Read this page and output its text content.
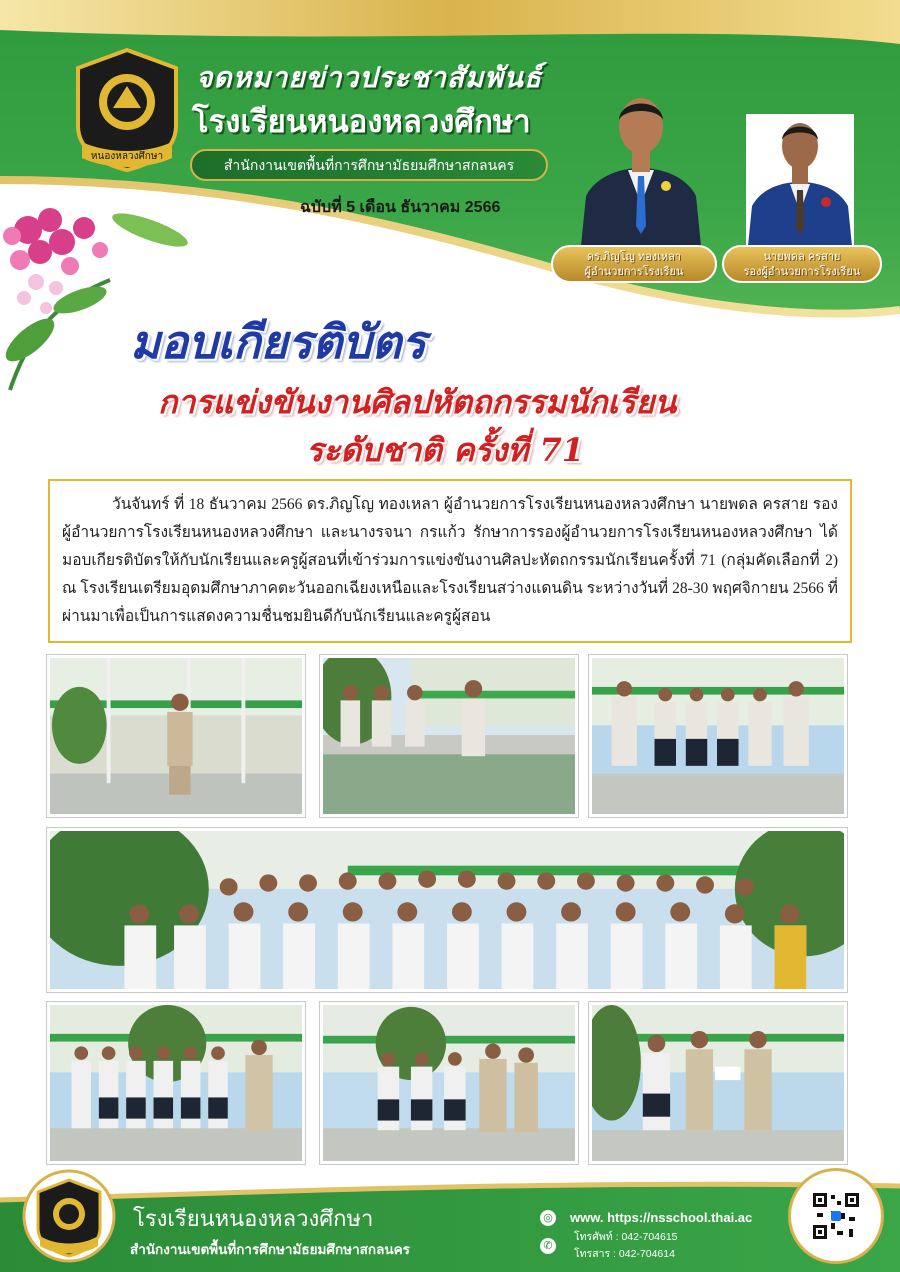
หนองหลวงศึกษา
จดหมายข่าวประชาสัมพันธ์
โรงเรียนหนองหลวงศึกษา
สำนักงานเขตพื้นที่การศึกษามัธยมศึกษาสกลนคร
ฉบับที่ 5 เดือน ธันวาคม 2566
ดร.ภิญโญ ทองเหลา
ผู้อำนวยการโรงเรียน
นายพดล ครสาย
รองผู้อำนวยการโรงเรียน
มอบเกียรติบัตร
การแข่งขันงานศิลปหัตถกรรมนักเรียน
ระดับชาติ ครั้งที่ 71
วันจันทร์ ที่ 18 ธันวาคม 2566 ดร.ภิญโญ ทองเหลา ผู้อำนวยการโรงเรียนหนองหลวงศึกษา นายพดล ครสาย รองผู้อำนวยการโรงเรียนหนองหลวงศึกษา และนางรจนา กรแก้ว รักษาการรองผู้อำนวยการโรงเรียนหนองหลวงศึกษา ได้มอบเกียรติบัตรให้กับนักเรียนและครูผู้สอนที่เข้าร่วมการแข่งขันงานศิลปะหัตถกรรมนักเรียนครั้งที่ 71 (กลุ่มคัดเลือกที่ 2) ณ โรงเรียนเตรียมอุดมศึกษาภาคตะวันออกเฉียงเหนือและโรงเรียนสว่างแดนดิน ระหว่างวันที่ 28-30 พฤศจิกายน 2566 ที่ผ่านมาเพื่อเป็นการแสดงความชื่นชมยินดีกับนักเรียนและครูผู้สอน
โรงเรียนหนองหลวงศึกษา
สำนักงานเขตพื้นที่การศึกษามัธยมศึกษาสกลนคร
◎
✆
www. https://nsschool.thai.ac
โทรศัพท์ : 042-704615
โทรสาร : 042-704614
